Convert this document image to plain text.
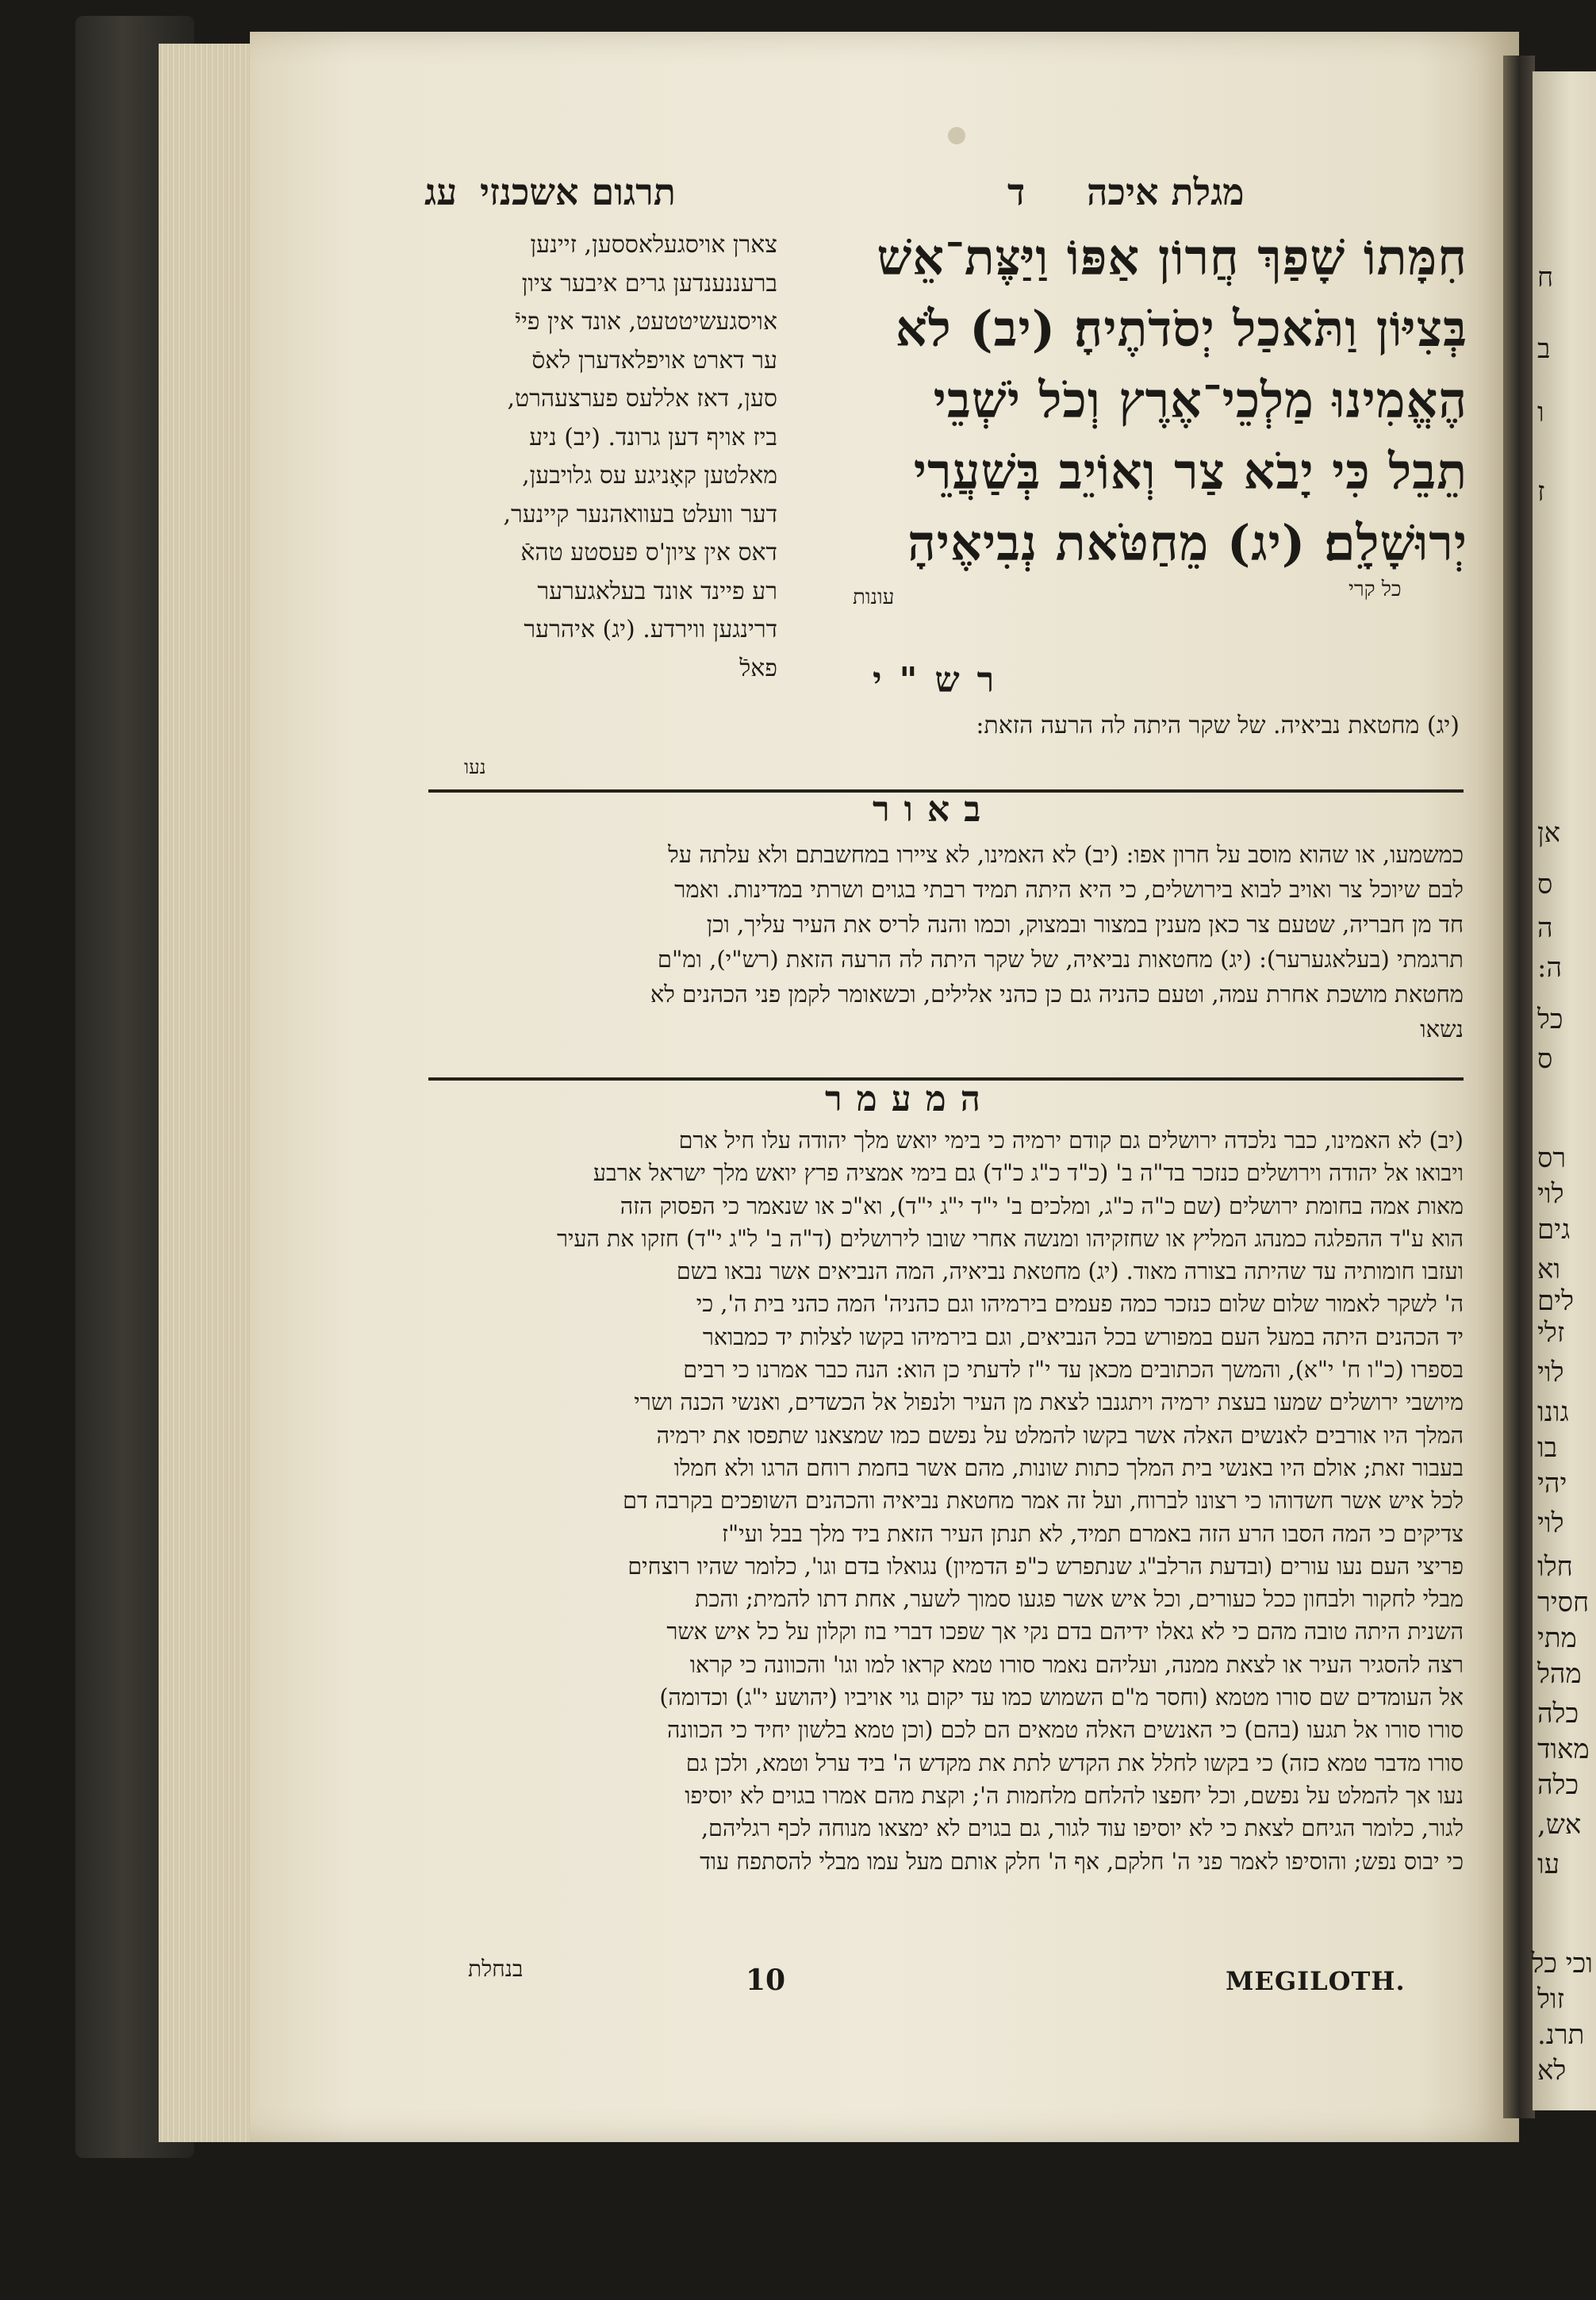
ח
ב
ו
ז
אן
ס
ה
ה:
כל
ס
רס
לוי
גים
וא
לים
זלי
לוי
גונו
בו
יהי
לוי
חלו
חסיר
מתי
מהל
כלה
מאוד
כלה
אש,
עו
וכי כל
זול
תרנ.
לא
עג תרגום אשכנזי	ד מגלת איכה
צארן אויסגעלאססען, זיינען
ברעננענדען גרים איבער ציון
אויסגעשיטטעט, אונד אין פייֿ
ער דארט אויפלאדערן לאסֿ
סען, דאז אללעס פערצעהרט,
ביז אויף דען גרונד. (יב) ניע
מאלטען קאָניגע עס גלויבען,
דער וועלט בעוואהנער קיינער,
דאס אין ציון'ס פעסטע טהאֿ
רע פיינד אונד בעלאגערער
דרינגען ווירדע. (יג) איהרער
פאלֿ
חִמָּתוֹ שָׁפַךְ חֲרוֹן אַפּוֹ וַיַּצֶּת־אֵשׁ
בְּצִיּוֹן וַתֹּאכַל יְסֹדֹתֶיהָ׃ (יב) לֹא
הֶאֱמִינוּ מַלְכֵי־אֶרֶץ וְכֹל יֹשְׁבֵי
תֵבֵל כִּי יָבֹא צַר וְאוֹיֵב בְּשַׁעֲרֵי
יְרוּשָׁלִָם׃ (יג) מֵחַטֹּאת נְבִיאֶיהָ
כל קרי
עונות
רש"י
(יג) מחטאת נביאיה. של שקר היתה לה הרעה הזאת:
נעו
באור
כמשמעו, או שהוא מוסב על חרון אפו: (יב) לא האמינו, לא ציירו במחשבתם ולא עלתה על
לבם שיוכל צר ואויב לבוא בירושלים, כי היא היתה תמיד רבתי בגוים ושרתי במדינות. ואמר
חד מן חבריה, שטעם צר כאן מענין במצור ובמצוק, וכמו והנה לריס את העיר עליך, וכן
תרגמתי (בעלאגערער): (יג) מחטאות נביאיה, של שקר היתה לה הרעה הזאת (רש"י), ומ"ם
מחטאת מושכת אחרת עמה, וטעם כהניה גם כן כהני אלילים, וכשאומר לקמן פני הכהנים לא
נשאו
המעמר
(יב) לא האמינו, כבר נלכדה ירושלים גם קודם ירמיה כי בימי יואש מלך יהודה עלו חיל ארם
ויבואו אל יהודה וירושלים כנזכר בד"ה ב' (כ"ד כ"ג כ"ד) גם בימי אמציה פרץ יואש מלך ישראל ארבע
מאות אמה בחומת ירושלים (שם כ"ה כ"ג, ומלכים ב' י"ד י"ג י"ד), וא"כ או שנאמר כי הפסוק הזה
הוא ע"ד ההפלגה כמנהג המליץ או שחזקיהו ומנשה אחרי שובו לירושלים (ד"ה ב' ל"ג י"ד) חזקו את העיר
ועזבו חומותיה עד שהיתה בצורה מאוד. (יג) מחטאת נביאיה, המה הנביאים אשר נבאו בשם
ה' לשקר לאמור שלום שלום כנזכר כמה פעמים בירמיהו וגם כהניה' המה כהני בית ה', כי
יד הכהנים היתה במעל העם במפורש בכל הנביאים, וגם בירמיהו בקשו לצלות יד כמבואר
בספרו (כ"ו ח' י"א), והמשך הכתובים מכאן עד י"ז לדעתי כן הוא: הנה כבר אמרנו כי רבים
מיושבי ירושלים שמעו בעצת ירמיה ויתגנבו לצאת מן העיר ולנפול אל הכשדים, ואנשי הכנה ושרי
המלך היו אורבים לאנשים האלה אשר בקשו להמלט על נפשם כמו שמצאנו שתפסו את ירמיה
בעבור זאת; אולם היו באנשי בית המלך כתות שונות, מהם אשר בחמת רוחם הרגו ולא חמלו
לכל איש אשר חשדוהו כי רצונו לברוח, ועל זה אמר מחטאת נביאיה והכהנים השופכים בקרבה דם
צדיקים כי המה הסבו הרע הזה באמרם תמיד, לא תנתן העיר הזאת ביד מלך בבל ועי"ז
פריצי העם נעו עורים (ובדעת הרלב"ג שנתפרש כ"פ הדמיון) נגואלו בדם וגו', כלומר שהיו רוצחים
מבלי לחקור ולבחון ככל כעורים, וכל איש אשר פגעו סמוך לשער, אחת דתו להמית; והכת
השנית היתה טובה מהם כי לא גאלו ידיהם בדם נקי אך שפכו דברי בוז וקלון על כל איש אשר
רצה להסגיר העיר או לצאת ממנה, ועליהם נאמר סורו טמא קראו למו וגו' והכוונה כי קראו
אל העומדים שם סורו מטמא (וחסר מ"ם השמוש כמו עד יקום גוי אויביו (יהושע י"ג) וכדומה)
סורו סורו אל תגעו (בהם) כי האנשים האלה טמאים הם לכם (וכן טמא בלשון יחיד כי הכוונה
סורו מדבר טמא כזה) כי בקשו לחלל את הקדש לתת את מקדש ה' ביד ערל וטמא, ולכן גם
נעו אך להמלט על נפשם, וכל יחפצו להלחם מלחמות ה'; וקצת מהם אמרו בגוים לא יוסיפו
לגור, כלומר הגיחם לצאת כי לא יוסיפו עוד לגור, גם בגוים לא ימצאו מנוחה לכף רגליהם,
כי יבוס נפש; והוסיפו לאמר פני ה' חלקם, אף ה' חלק אותם מעל עמו מבלי להסתפח עוד
בנחלת	10	MEGILOTH.
